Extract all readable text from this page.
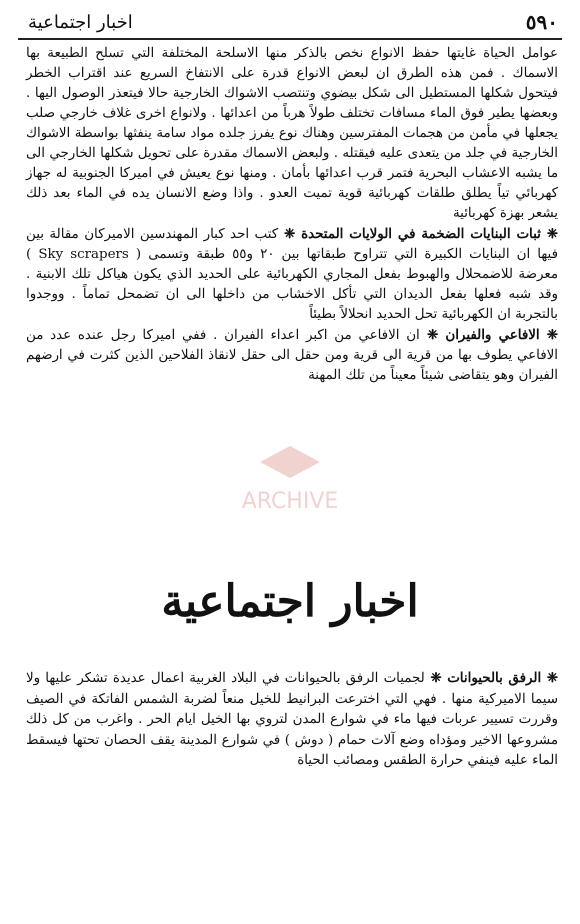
٥٩٠
اخبار اجتماعية

عوامل الحياة غايتها حفظ الانواع نخص بالذكر منها الاسلحة المختلفة التي تسلح الطبيعة بها الاسماك . فمن هذه الطرق ان لبعض الانواع قدرة على الانتفاخ السريع عند اقتراب الخطر فيتحول شكلها المستطيل الى شكل بيضوي وتنتصب الاشواك الخارجية حالا فيتعذر الوصول اليها . وبعضها يطير فوق الماء مسافات تختلف طولاً هرباً من اعدائها . ولانواع اخرى غلاف خارجي صلب يجعلها في مأمن من هجمات المفترسين وهناك نوع يفرز جلده مواد سامة ينفثها بواسطة الاشواك الخارجية في جلد من يتعدى عليه فيقتله . ولبعض الاسماك مقدرة على تحويل شكلها الخارجي الى ما يشبه الاعشاب البحرية فتمر قرب اعدائها بأمان . ومنها نوع يعيش في اميركا الجنوبية له جهاز كهربائي تياً يطلق طلقات كهربائية قوية تميت العدو . واذا وضع الانسان يده في الماء بعد ذلك يشعر بهزة كهربائية

❈ ثبات البنايات الضخمة في الولايات المتحدة ❈ كتب احد كبار المهندسين الاميركان مقالة بين فيها ان البنايات الكبيرة التي تتراوح طبقاتها بين ٢٠ و٥٥ طبقة وتسمى ( Sky scrapers ) معرضة للاضمحلال والهبوط بفعل المجاري الكهربائية على الحديد الذي يكون هياكل تلك الابنية . وقد شبه فعلها بفعل الديدان التي تأكل الاخشاب من داخلها الى ان تضمحل تماماً . ووجدوا بالتجربة ان الكهربائية تحل الحديد انحلالاً بطيئاً

❈ الافاعي والفيران ❈ ان الافاعي من اكبر اعداء الفيران . ففي اميركا رجل عنده عدد من الافاعي يطوف بها من قرية الى قرية ومن حقل الى حقل لانقاذ الفلاحين الذين كثرت في ارضهم الفيران وهو يتقاضى شيئاً معيناً من تلك المهنة

ARCHIVE
اخبار اجتماعية

❈ الرفق بالحيوانات ❈ لجميات الرفق بالحيوانات في البلاد الغربية اعمال عديدة تشكر عليها ولا سيما الاميركية منها . فهي التي اخترعت البرانيط للخيل منعاً لضربة الشمس الفاتكة في الصيف وقررت تسيير عربات فيها ماء في شوارع المدن لتروي بها الخيل ايام الحر . واغرب من كل ذلك مشروعها الاخير ومؤداه وضع آلات حمام ( دوش ) في شوارع المدينة يقف الحصان تحتها فيسقط الماء عليه فينفي حرارة الطقس ومصائب الحياة
